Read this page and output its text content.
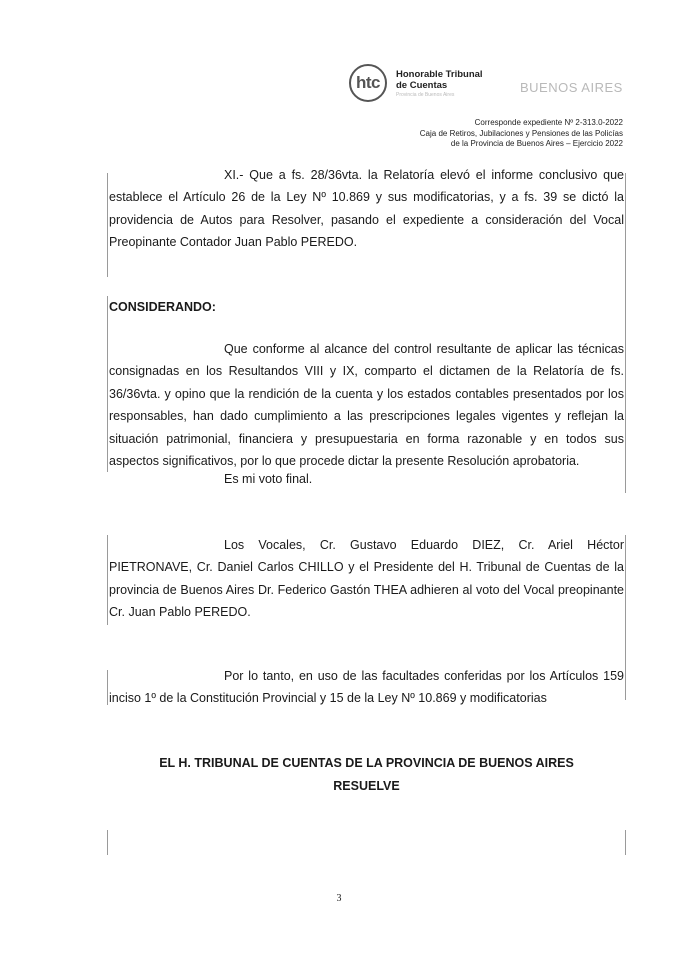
htc Honorable Tribunal
de Cuentas
Provincia de Buenos Aires	BUENOS AIRES
Corresponde expediente Nº 2-313.0-2022
Caja de Retiros, Jubilaciones y Pensiones de las Policías
de la Provincia de Buenos Aires – Ejercicio 2022
XI.- Que a fs. 28/36vta. la Relatoría elevó el informe conclusivo que establece el Artículo 26 de la Ley Nº 10.869 y sus modificatorias, y a fs. 39 se dictó la providencia de Autos para Resolver, pasando el expediente a consideración del Vocal Preopinante Contador Juan Pablo PEREDO.
CONSIDERANDO:
Que conforme al alcance del control resultante de aplicar las técnicas consignadas en los Resultandos VIII y IX, comparto el dictamen de la Relatoría de fs. 36/36vta. y opino que la rendición de la cuenta y los estados contables presentados por los responsables, han dado cumplimiento a las prescripciones legales vigentes y reflejan la situación patrimonial, financiera y presupuestaria en forma razonable y en todos sus aspectos significativos, por lo que procede dictar la presente Resolución aprobatoria.
Es mi voto final.
Los Vocales, Cr. Gustavo Eduardo DIEZ, Cr. Ariel Héctor PIETRONAVE, Cr. Daniel Carlos CHILLO y el Presidente del H. Tribunal de Cuentas de la provincia de Buenos Aires Dr. Federico Gastón THEA adhieren al voto del Vocal preopinante Cr. Juan Pablo PEREDO.
Por lo tanto, en uso de las facultades conferidas por los Artículos 159 inciso 1º de la Constitución Provincial y 15 de la Ley Nº 10.869 y modificatorias
EL H. TRIBUNAL DE CUENTAS DE LA PROVINCIA DE BUENOS AIRES
RESUELVE
3
